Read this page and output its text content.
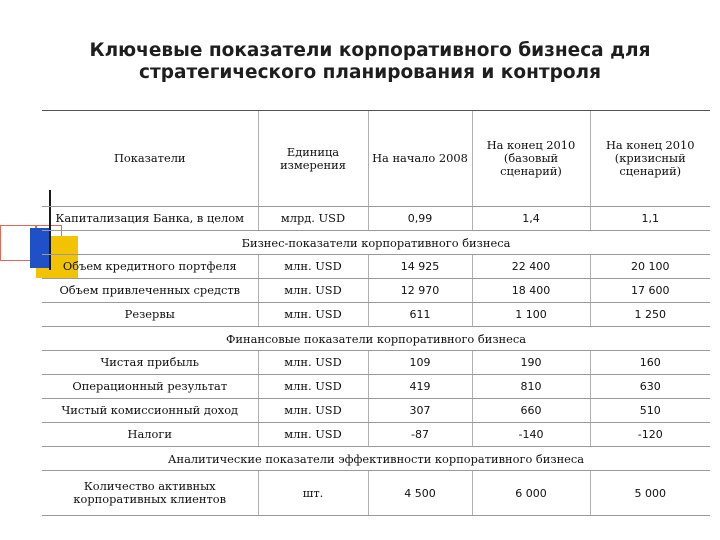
Ключевые показатели корпоративного бизнеса для
стратегического планирования и контроля
Показатели	Единица измерения	На начало 2008	На конец 2010 (базовый сценарий)	На конец 2010 (кризисный сценарий)
Капитализация Банка, в целом	млрд. USD	0,99	1,4	1,1
Бизнес-показатели корпоративного бизнеса				
Объем кредитного портфеля	млн. USD	14 925	22 400	20 100
Объем привлеченных средств	млн. USD	12 970	18 400	17 600
Резервы	млн. USD	611	1 100	1 250
Финансовые показатели корпоративного бизнеса				
Чистая прибыль	млн. USD	109	190	160
Операционный результат	млн. USD	419	810	630
Чистый комиссионный доход	млн. USD	307	660	510
Налоги	млн. USD	-87	-140	-120
Аналитические показатели эффективности корпоративного бизнеса				
Количество активных корпоративных клиентов	шт.	4 500	6 000	5 000
